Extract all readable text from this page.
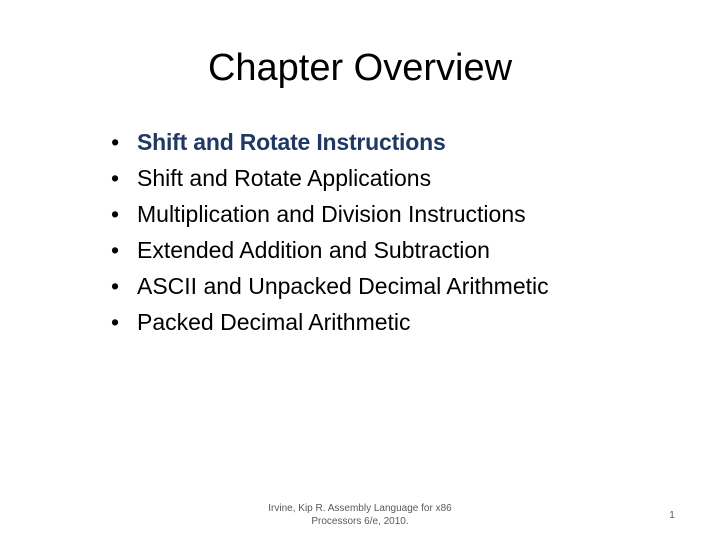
Chapter Overview
• Shift and Rotate Instructions
• Shift and Rotate Applications
• Multiplication and Division Instructions
• Extended Addition and Subtraction
• ASCII and Unpacked Decimal Arithmetic
• Packed Decimal Arithmetic
Irvine, Kip R. Assembly Language for x86
Processors 6/e, 2010.
1
